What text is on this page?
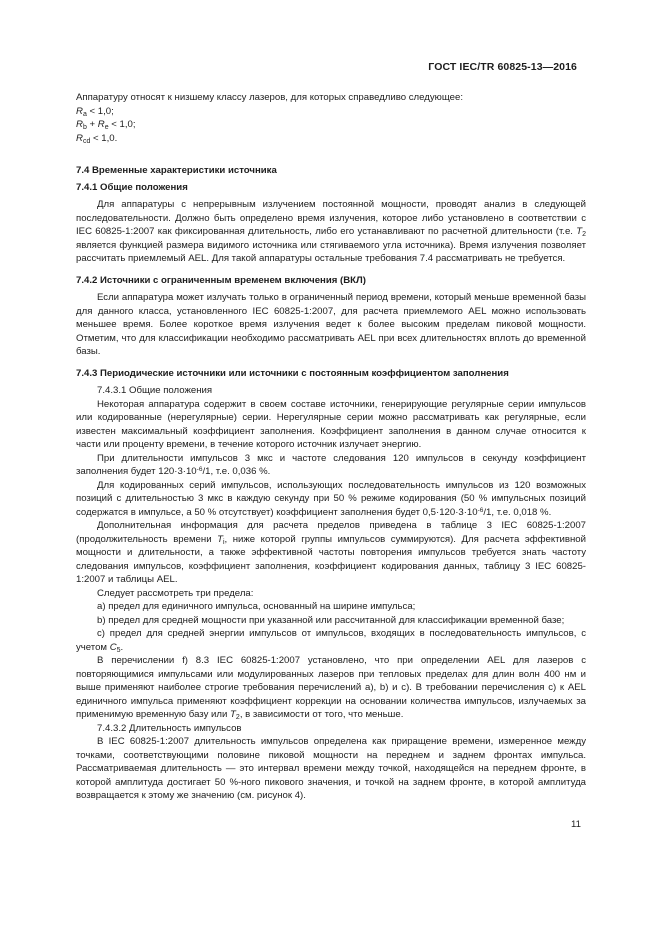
ГОСТ IEC/TR 60825-13—2016

Аппаратуру относят к низшему классу лазеров, для которых справедливо следующее:

$R_a < 1,0$;

$R_b + R_e < 1,0$;

$R_{cd} < 1,0$.

7.4 Временные характеристики источника

7.4.1 Общие положения

Для аппаратуры с непрерывным излучением постоянной мощности, проводят анализ в следующей последовательности. Должно быть определено время излучения, которое либо установлено в соответствии с IEC 60825-1:2007 как фиксированная длительность, либо его устанавливают по расчетной длительности (т.е. $T_2$ является функцией размера видимого источника или стягиваемого угла источника). Время излучения позволяет рассчитать приемлемый AEL. Для такой аппаратуры остальные требования 7.4 рассматривать не требуется.

7.4.2 Источники с ограниченным временем включения (ВКЛ)

Если аппаратура может излучать только в ограниченный период времени, который меньше временной базы для данного класса, установленного IEC 60825-1:2007, для расчета приемлемого AEL можно использовать меньшее время. Более короткое время излучения ведет к более высоким пределам пиковой мощности. Отметим, что для классификации необходимо рассматривать AEL при всех длительностях вплоть до временной базы.

7.4.3 Периодические источники или источники с постоянным коэффициентом заполнения

7.4.3.1 Общие положения

Некоторая аппаратура содержит в своем составе источники, генерирующие регулярные серии импульсов или кодированные (нерегулярные) серии. Нерегулярные серии можно рассматривать как регулярные, если известен максимальный коэффициент заполнения. Коэффициент заполнения в данном случае относится к части или проценту времени, в течение которого источник излучает энергию.

При длительности импульсов 3 мкс и частоте следования 120 импульсов в секунду коэффициент заполнения будет $120\cdot 3\cdot 10^{-6}/1$, т.е. 0,036 %.

Для кодированных серий импульсов, использующих последовательность импульсов из 120 возможных позиций с длительностью 3 мкс в каждую секунду при 50 % режиме кодирования (50 % импульсных позиций содержатся в импульсе, а 50 % отсутствует) коэффициент заполнения будет $0,5\cdot 120\cdot 3\cdot 10^{-6}/1$, т.е. 0,018 %.

Дополнительная информация для расчета пределов приведена в таблице 3 IEC 60825-1:2007 (продолжительность времени $T_i$, ниже которой группы импульсов суммируются). Для расчета эффективной мощности и длительности, а также эффективной частоты повторения импульсов требуется знать частоту следования импульсов, коэффициент заполнения, коэффициент кодирования данных, таблицу 3 IEC 60825-1:2007 и таблицы AEL.

Следует рассмотреть три предела:

а) предел для единичного импульса, основанный на ширине импульса;

b) предел для средней мощности при указанной или рассчитанной для классификации временной базе;

с) предел для средней энергии импульсов от импульсов, входящих в последовательность импульсов, с учетом $C_5$.

В перечислении f) 8.3 IEC 60825-1:2007 установлено, что при определении AEL для лазеров с повторяющимися импульсами или модулированных лазеров при тепловых пределах для длин волн 400 нм и выше применяют наиболее строгие требования перечислений а), b) и с). В требовании перечисления с) к AEL единичного импульса применяют коэффициент коррекции на основании количества импульсов, излучаемых за применимую временную базу или $T_2$, в зависимости от того, что меньше.

7.4.3.2 Длительность импульсов

В IEC 60825-1:2007 длительность импульсов определена как приращение времени, измеренное между точками, соответствующими половине пиковой мощности на переднем и заднем фронтах импульса. Рассматриваемая длительность — это интервал времени между точкой, находящейся на переднем фронте, в которой амплитуда достигает 50 %-ного пикового значения, и точкой на заднем фронте, в которой амплитуда возвращается к этому же значению (см. рисунок 4).

11
